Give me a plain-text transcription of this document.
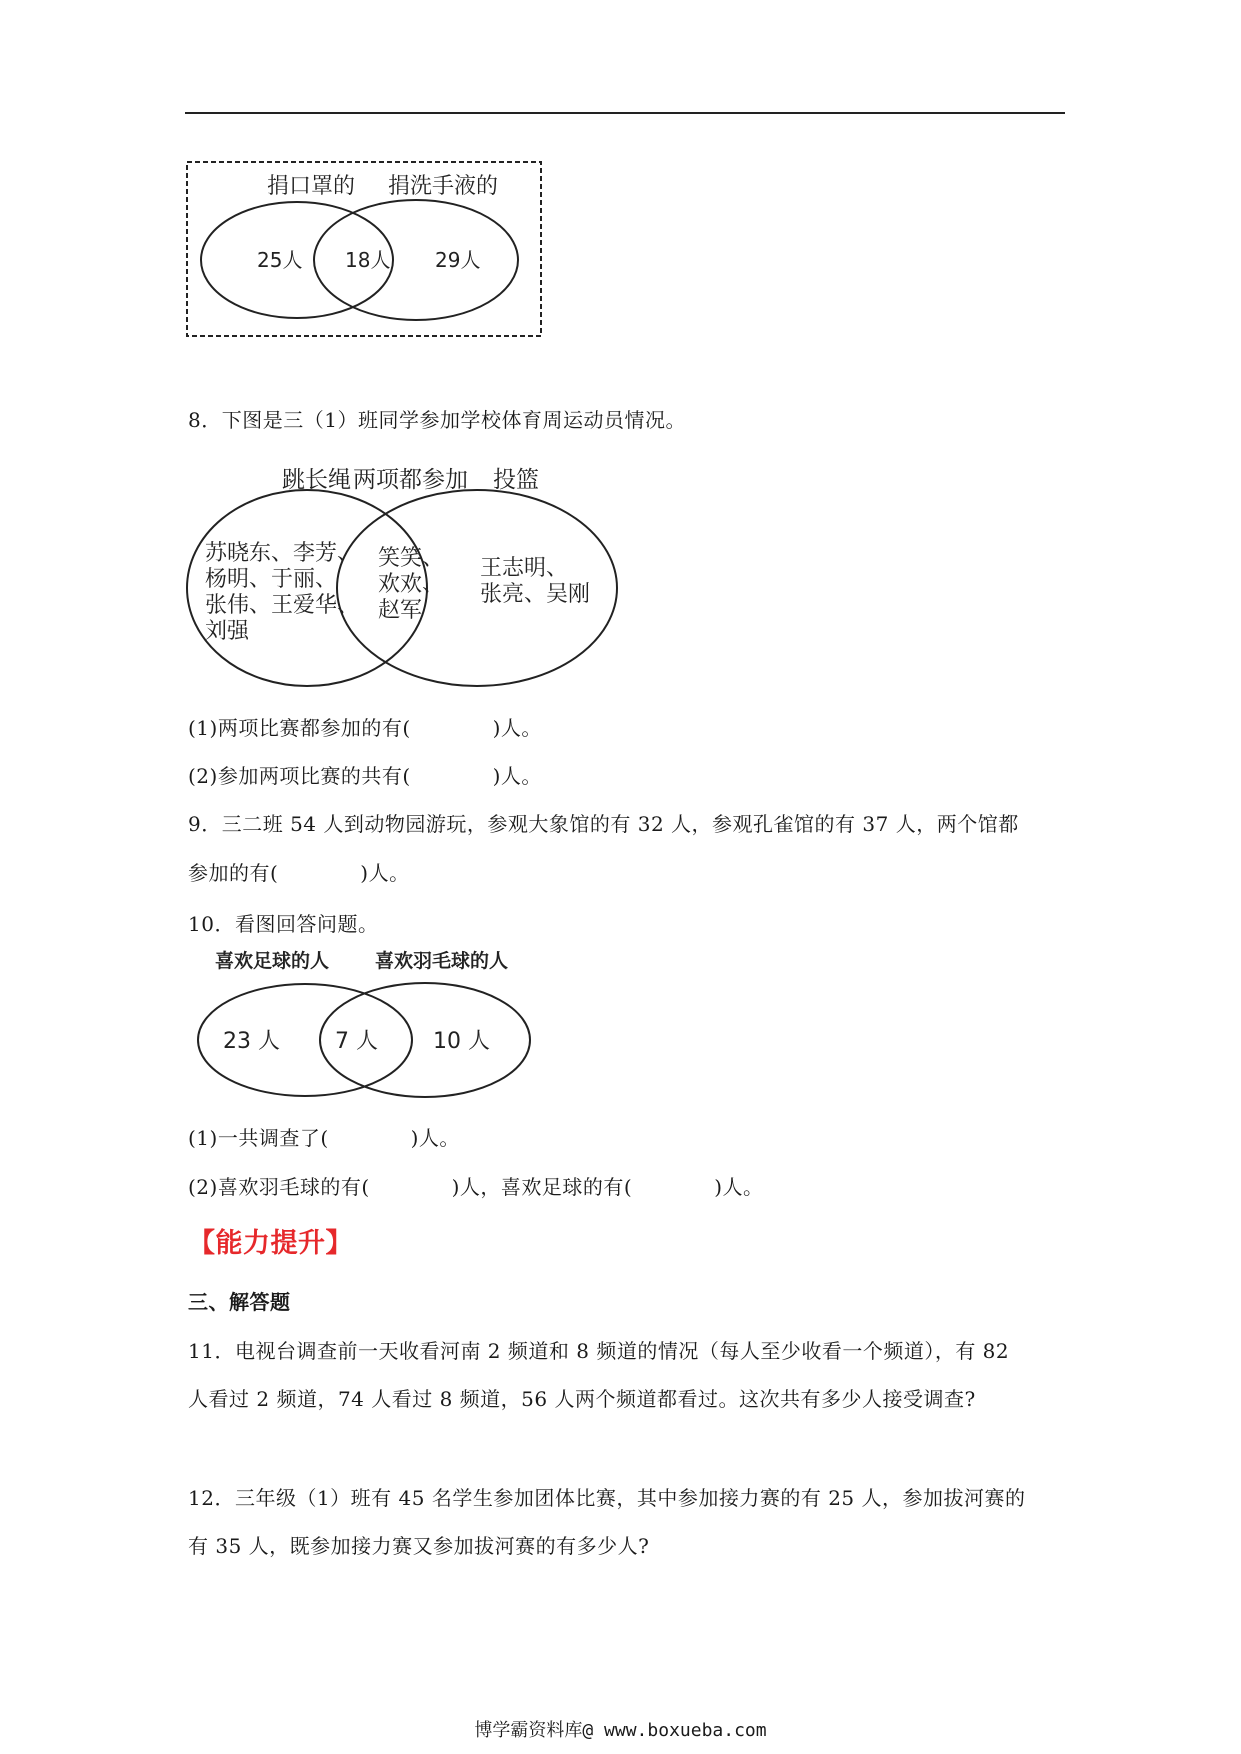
捐口罩的 捐洗手液的
25人 18人 29人
8．下图是三（1）班同学参加学校体育周运动员情况。
跳长绳 两项都参加 投篮
苏晓东、李芳、
杨明、于丽、
张伟、王爱华、
刘强
笑笑、
欢欢、
赵军
王志明、
张亮、吴刚
(1)两项比赛都参加的有(　　　　)人。
(2)参加两项比赛的共有(　　　　)人。
9．三二班 54 人到动物园游玩，参观大象馆的有 32 人，参观孔雀馆的有 37 人，两个馆都
参加的有(　　　　)人。
10．看图回答问题。
喜欢足球的人 喜欢羽毛球的人
23 人	7 人	10 人
(1)一共调查了(　　　　)人。
(2)喜欢羽毛球的有(　　　　)人，喜欢足球的有(　　　　)人。
【能力提升】
三、解答题
11．电视台调查前一天收看河南 2 频道和 8 频道的情况（每人至少收看一个频道），有 82
人看过 2 频道，74 人看过 8 频道，56 人两个频道都看过。这次共有多少人接受调查?
12．三年级（1）班有 45 名学生参加团体比赛，其中参加接力赛的有 25 人，参加拔河赛的
有 35 人，既参加接力赛又参加拔河赛的有多少人?
博学霸资料库@ www.boxueba.com
